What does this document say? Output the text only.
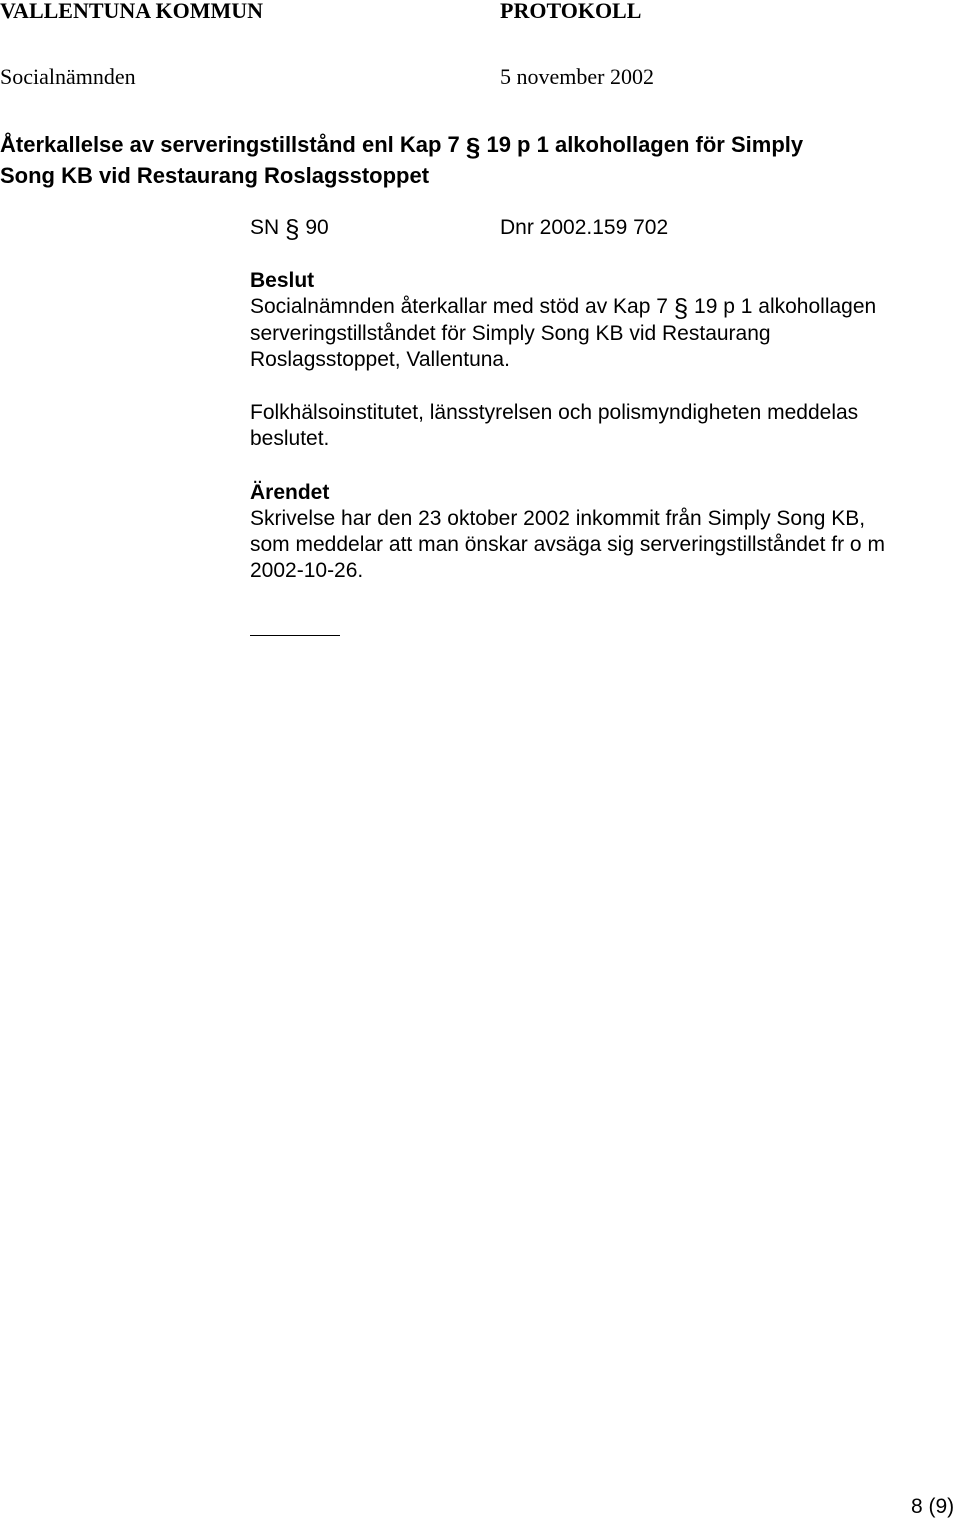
VALLENTUNA KOMMUN	PROTOKOLL
Socialnämnden	5 november 2002
Återkallelse av serveringstillstånd enl Kap 7 § 19 p 1 alkohollagen för Simply
Song KB vid Restaurang Roslagsstoppet
SN § 90	Dnr 2002.159 702
Beslut
Socialnämnden återkallar med stöd av Kap 7 § 19 p 1 alkohollagen
serveringstillståndet för Simply Song KB vid Restaurang
Roslagsstoppet, Vallentuna.
Folkhälsoinstitutet, länsstyrelsen och polismyndigheten meddelas
beslutet.
Ärendet
Skrivelse har den 23 oktober 2002 inkommit från Simply Song KB,
som meddelar att man önskar avsäga sig serveringstillståndet fr o m
2002-10-26.
8 (9)
